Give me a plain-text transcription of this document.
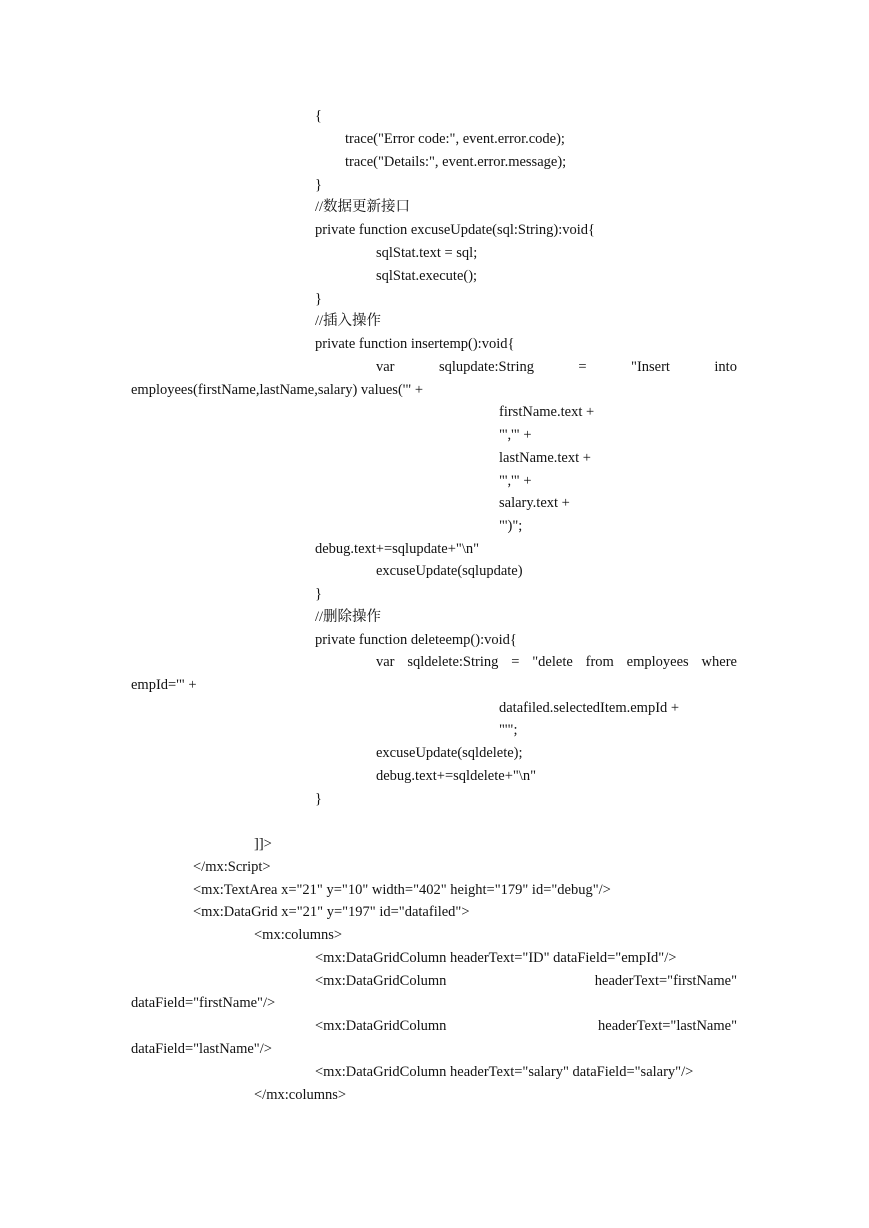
{
trace("Error code:", event.error.code);
trace("Details:", event.error.message);
}
//数据更新接口
private function excuseUpdate(sql:String):void{
sqlStat.text = sql;
sqlStat.execute();
}
//插入操作
private function insertemp():void{
var	sqlupdate:String	=	"Insert	into
employees(firstName,lastName,salary) values('" +
firstName.text +
"','" +
lastName.text +
"','" +
salary.text +
"')";
debug.text+=sqlupdate+"\n"
excuseUpdate(sqlupdate)
}
//删除操作
private function deleteemp():void{
var sqldelete:String = "delete from employees where
empId='" +
datafiled.selectedItem.empId +
"'";
excuseUpdate(sqldelete);
debug.text+=sqldelete+"\n"
}
]]>
</mx:Script>
<mx:TextArea x="21" y="10" width="402" height="179" id="debug"/>
<mx:DataGrid x="21" y="197" id="datafiled">
<mx:columns>
<mx:DataGridColumn headerText="ID" dataField="empId"/>
<mx:DataGridColumn	headerText="firstName"
dataField="firstName"/>
<mx:DataGridColumn	headerText="lastName"
dataField="lastName"/>
<mx:DataGridColumn headerText="salary" dataField="salary"/>
</mx:columns>
